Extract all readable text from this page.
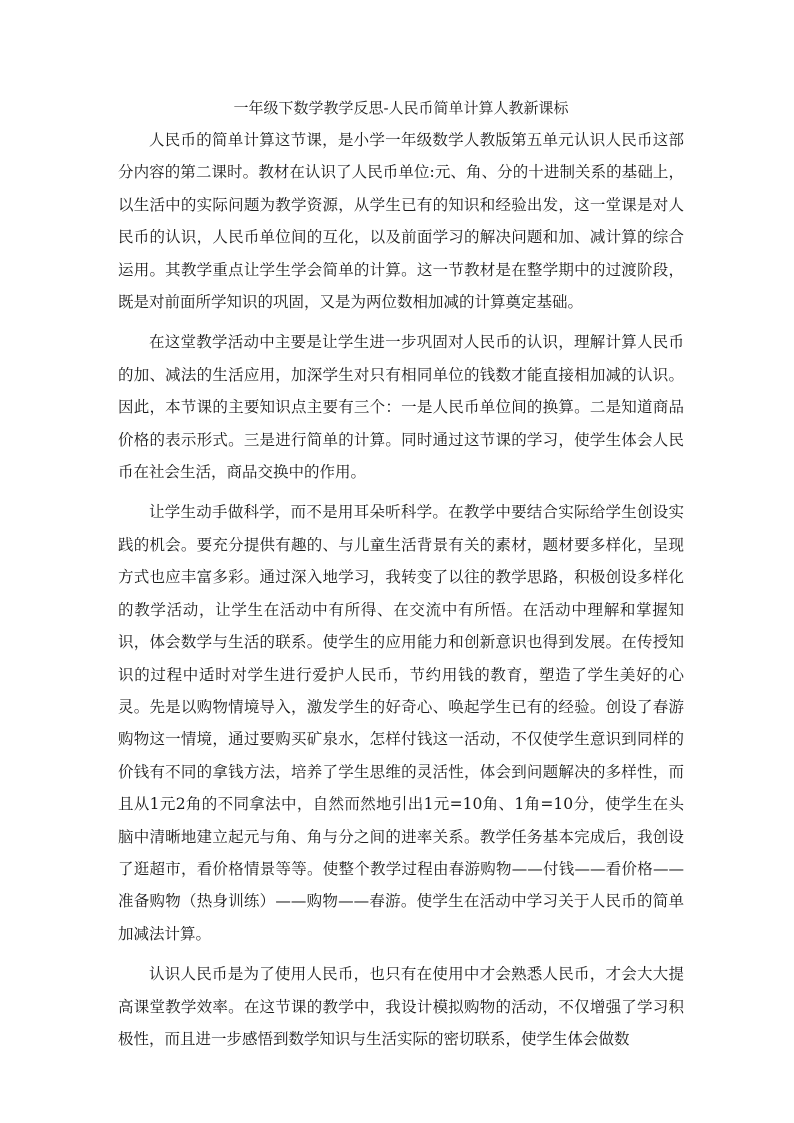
一年级下数学教学反思-人民币简单计算人教新课标

人民币的简单计算这节课，是小学一年级数学人教版第五单元认识人民币这部分内容的第二课时。教材在认识了人民币单位:元、角、分的十进制关系的基础上，以生活中的实际问题为教学资源，从学生已有的知识和经验出发，这一堂课是对人民币的认识，人民币单位间的互化，以及前面学习的解决问题和加、减计算的综合运用。其教学重点让学生学会简单的计算。这一节教材是在整学期中的过渡阶段，既是对前面所学知识的巩固，又是为两位数相加减的计算奠定基础。

在这堂教学活动中主要是让学生进一步巩固对人民币的认识，理解计算人民币的加、减法的生活应用，加深学生对只有相同单位的钱数才能直接相加减的认识。因此，本节课的主要知识点主要有三个：一是人民币单位间的换算。二是知道商品价格的表示形式。三是进行简单的计算。同时通过这节课的学习，使学生体会人民币在社会生活，商品交换中的作用。

让学生动手做科学，而不是用耳朵听科学。在教学中要结合实际给学生创设实践的机会。要充分提供有趣的、与儿童生活背景有关的素材，题材要多样化，呈现方式也应丰富多彩。通过深入地学习，我转变了以往的教学思路，积极创设多样化的教学活动，让学生在活动中有所得、在交流中有所悟。在活动中理解和掌握知识，体会数学与生活的联系。使学生的应用能力和创新意识也得到发展。在传授知识的过程中适时对学生进行爱护人民币，节约用钱的教育，塑造了学生美好的心灵。先是以购物情境导入，激发学生的好奇心、唤起学生已有的经验。创设了春游购物这一情境，通过要购买矿泉水，怎样付钱这一活动，不仅使学生意识到同样的价钱有不同的拿钱方法，培养了学生思维的灵活性，体会到问题解决的多样性，而且从1元2角的不同拿法中，自然而然地引出1元=10角、1角=10分，使学生在头脑中清晰地建立起元与角、角与分之间的进率关系。教学任务基本完成后，我创设了逛超市，看价格情景等等。使整个教学过程由春游购物——付钱——看价格——准备购物（热身训练）——购物——春游。使学生在活动中学习关于人民币的简单加减法计算。

认识人民币是为了使用人民币，也只有在使用中才会熟悉人民币，才会大大提高课堂教学效率。在这节课的教学中，我设计模拟购物的活动，不仅增强了学习积极性，而且进一步感悟到数学知识与生活实际的密切联系，使学生体会做数
